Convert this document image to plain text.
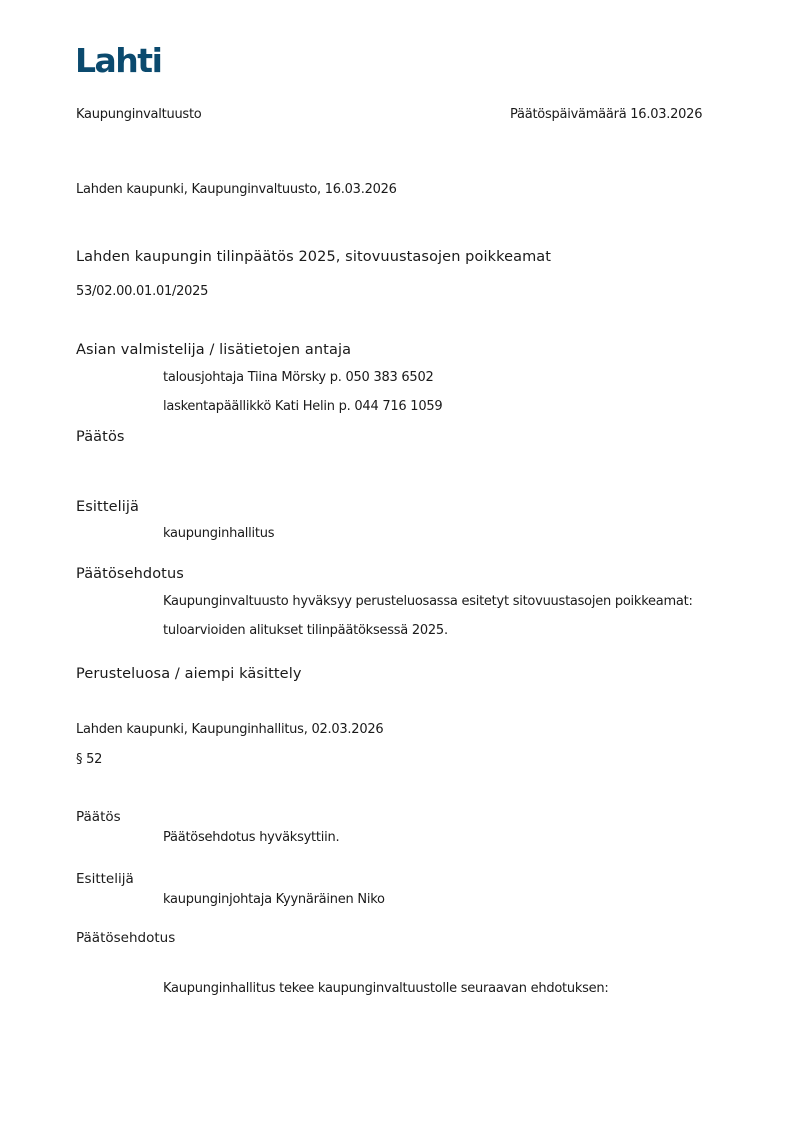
Lahti
Kaupunginvaltuusto	Päätöspäivämäärä 16.03.2026
Lahden kaupunki, Kaupunginvaltuusto, 16.03.2026
Lahden kaupungin tilinpäätös 2025, sitovuustasojen poikkeamat
53/02.00.01.01/2025
Asian valmistelija / lisätietojen antaja
talousjohtaja Tiina Mörsky p. 050 383 6502
laskentapäällikkö Kati Helin p. 044 716 1059
Päätös
Esittelijä
kaupunginhallitus
Päätösehdotus
Kaupunginvaltuusto hyväksyy perusteluosassa esitetyt sitovuustasojen poikkeamat:
tuloarvioiden alitukset tilinpäätöksessä 2025.
Perusteluosa / aiempi käsittely
Lahden kaupunki, Kaupunginhallitus, 02.03.2026
§ 52
Päätös
Päätösehdotus hyväksyttiin.
Esittelijä
kaupunginjohtaja Kyynäräinen Niko
Päätösehdotus
Kaupunginhallitus tekee kaupunginvaltuustolle seuraavan ehdotuksen:
